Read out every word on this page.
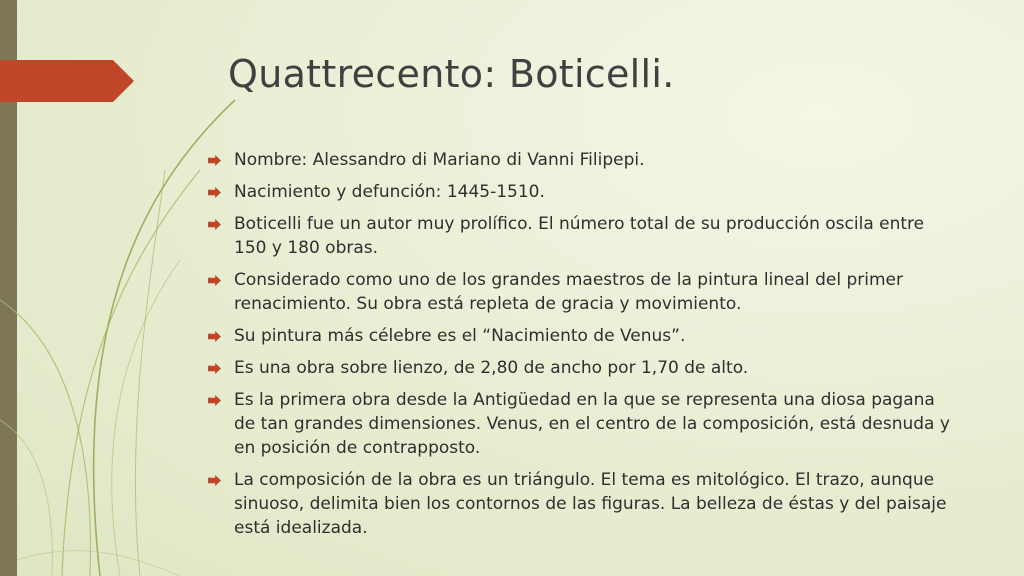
Quattrecento: Boticelli.
Nombre: Alessandro di Mariano di Vanni Filipepi.
Nacimiento y defunción: 1445-1510.
Boticelli fue un autor muy prolífico. El número total de su producción oscila entre 150 y 180 obras.
Considerado como uno de los grandes maestros de la pintura lineal del primer renacimiento. Su obra está repleta de gracia y movimiento.
Su pintura más célebre es el “Nacimiento de Venus”.
Es una obra sobre lienzo, de 2,80 de ancho por 1,70 de alto.
Es la primera obra desde la Antigüedad en la que se representa una diosa pagana de tan grandes dimensiones. Venus, en el centro de la composición, está desnuda y en posición de contrapposto.
La composición de la obra es un triángulo. El tema es mitológico. El trazo, aunque sinuoso, delimita bien los contornos de las figuras. La belleza de éstas y del paisaje está idealizada.
